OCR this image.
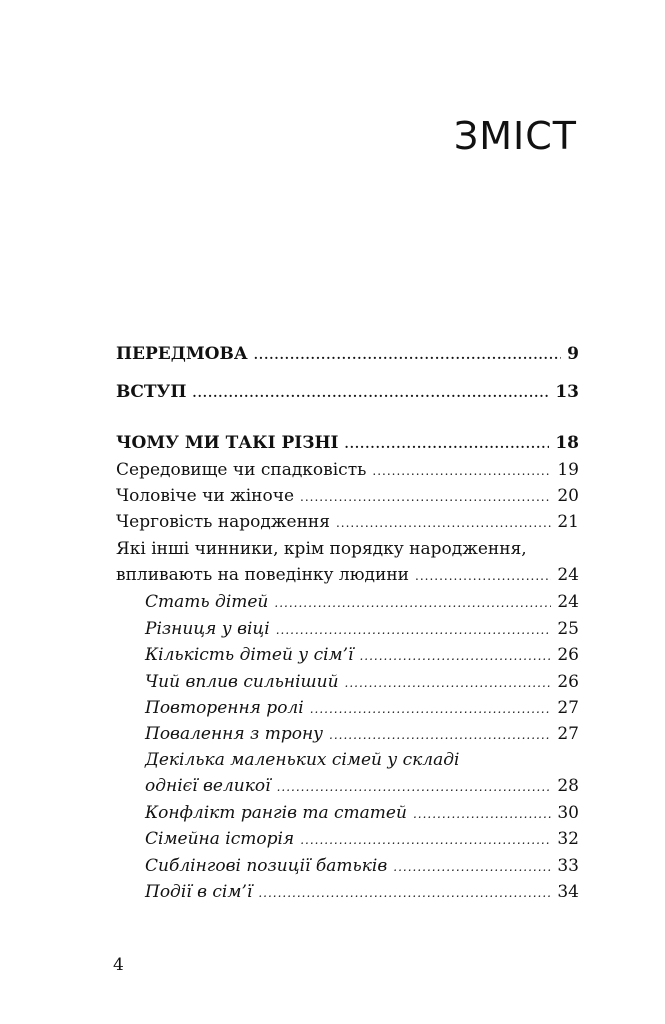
ЗМІСТ
ПЕРЕДМОВА .....	9
ВСТУП .....	13
ЧОМУ МИ ТАКІ РІЗНІ .....	18
Середовище чи спадковість .....	19
Чоловіче чи жіноче .....	20
Черговість народження .....	21
Які інші чинники, крім порядку народження,
впливають на поведінку людини .....	24
Стать дітей .....	24
Різниця у віці .....	25
Кількість дітей у сім’ї .....	26
Чий вплив сильніший .....	26
Повторення ролі .....	27
Повалення з трону .....	27
Декілька маленьких сімей у складі
однієї великої .....	28
Конфлікт рангів та статей .....	30
Сімейна історія .....	32
Сиблінгові позиції батьків .....	33
Події в сім’ї .....	34
4
